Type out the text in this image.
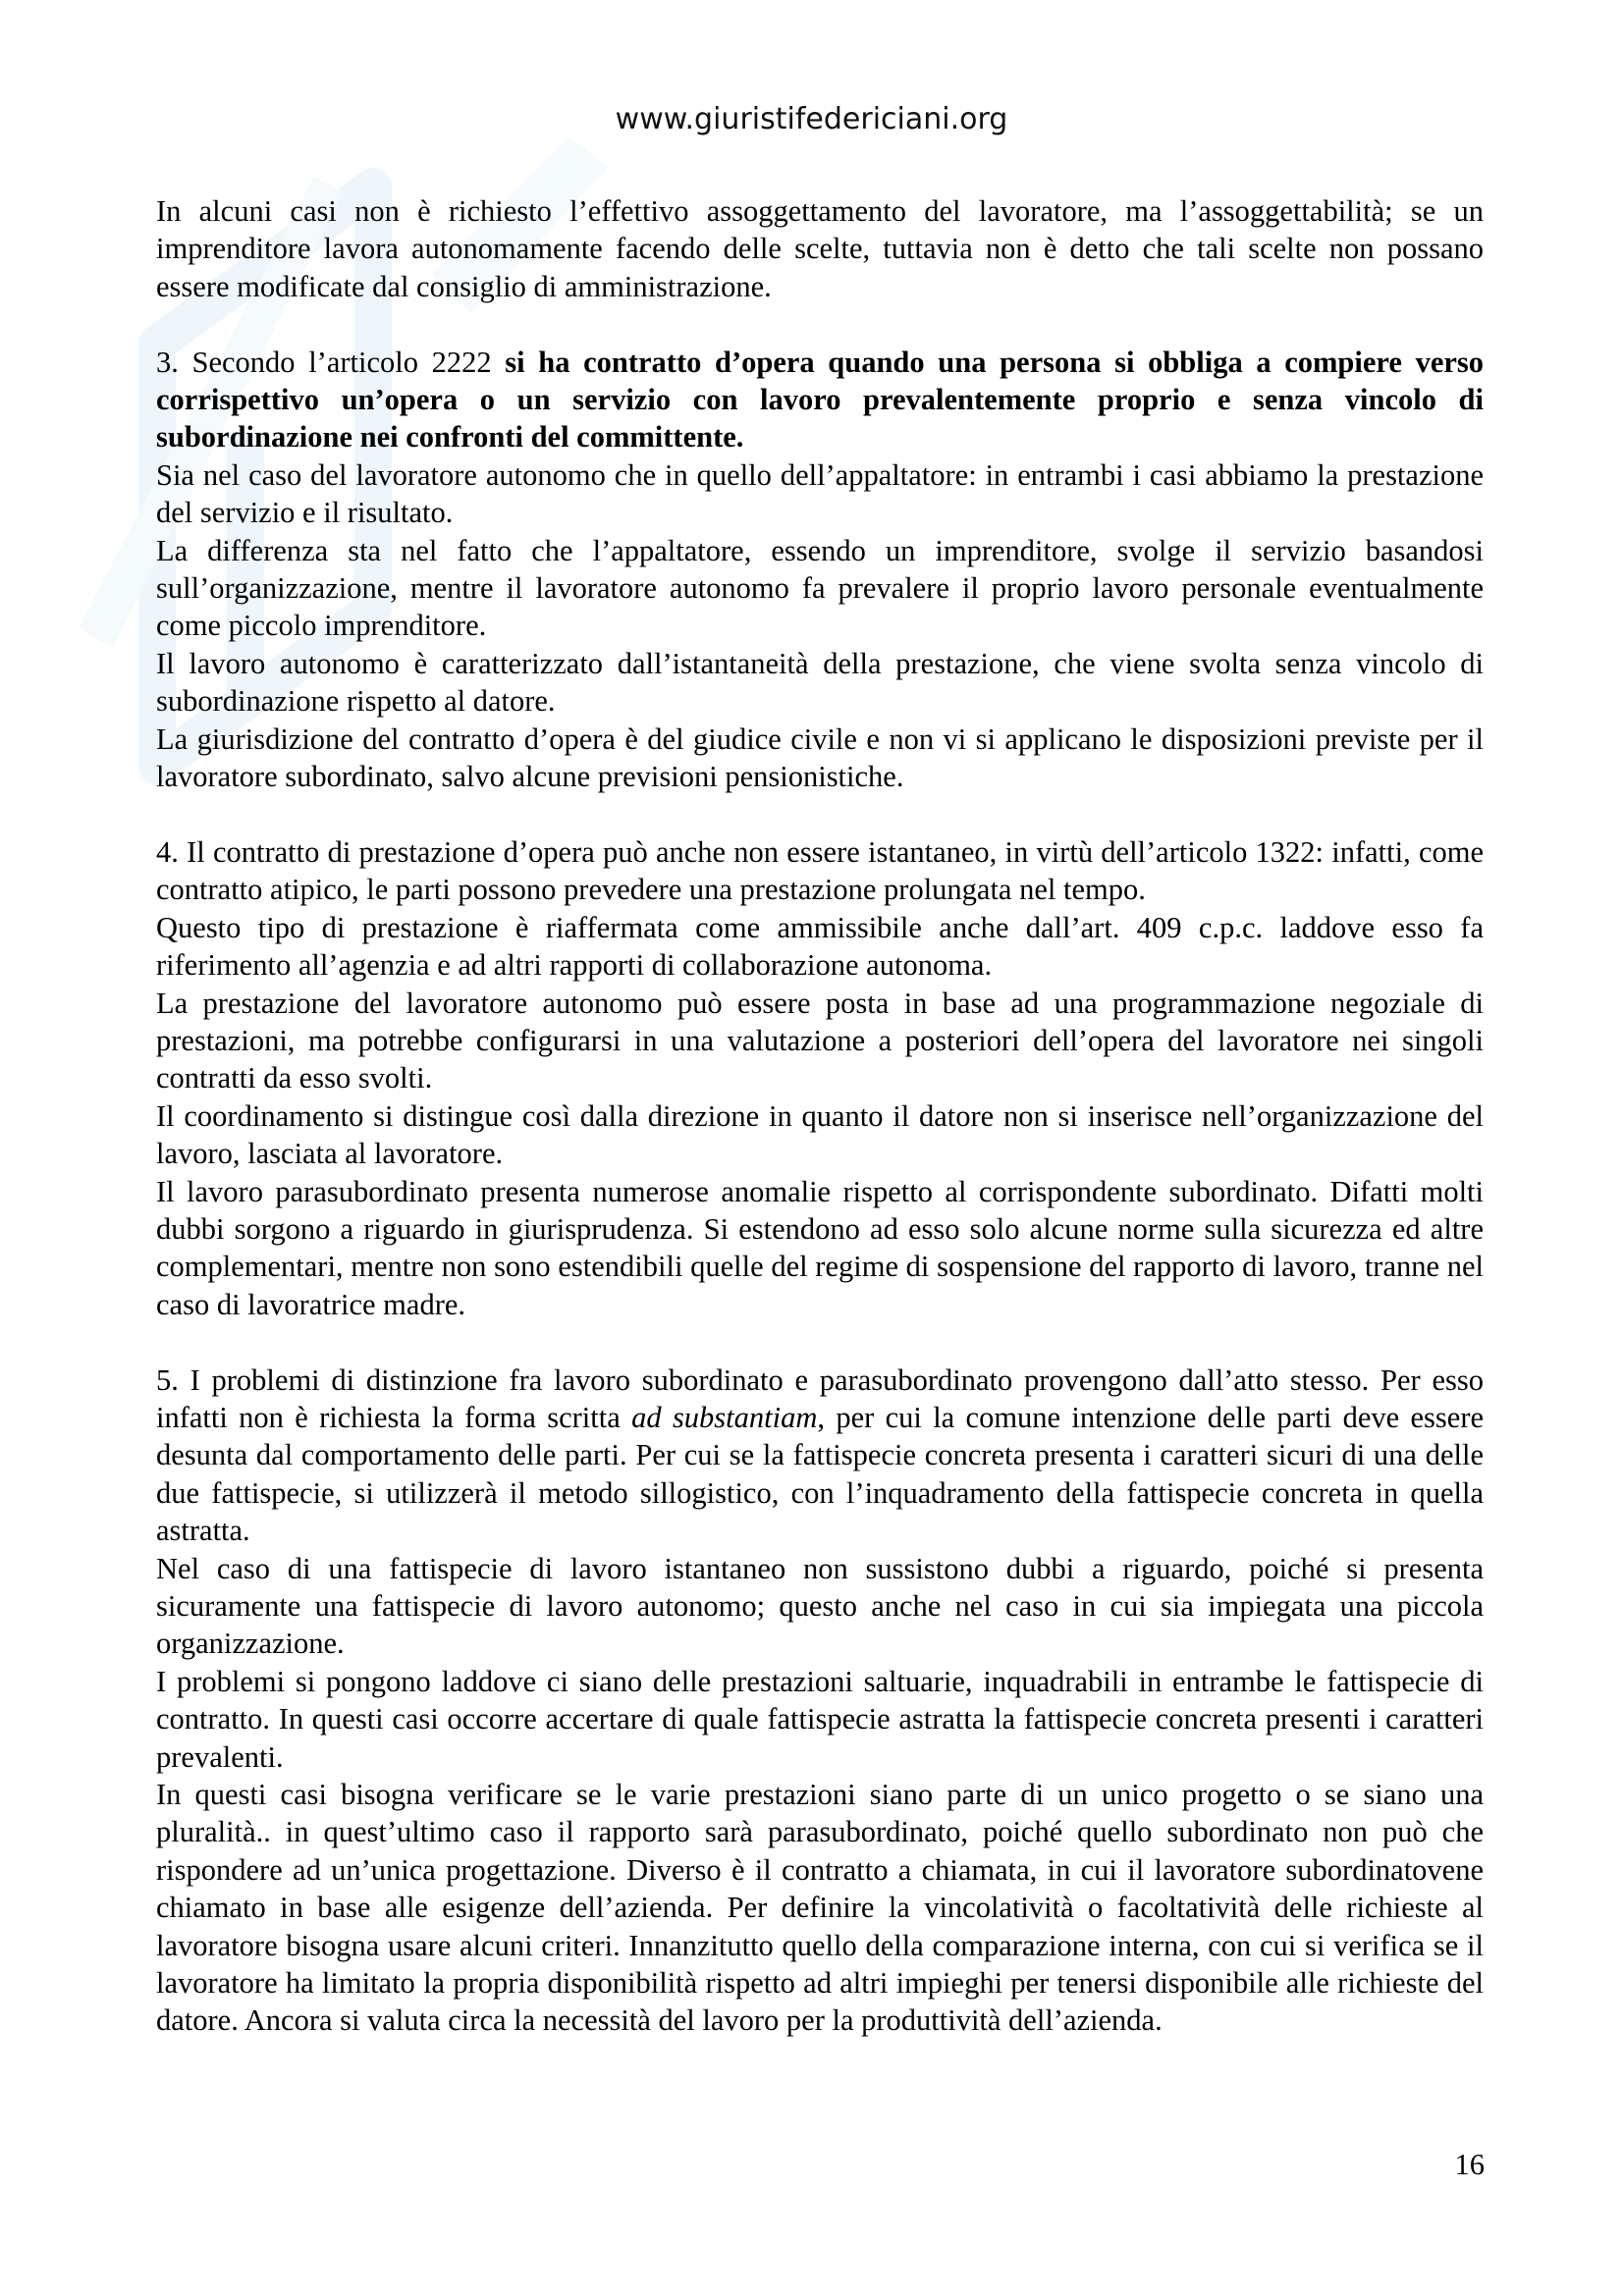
www.giuristifedericiani.org

In alcuni casi non è richiesto l’effettivo assoggettamento del lavoratore, ma l’assoggettabilità; se un imprenditore lavora autonomamente facendo delle scelte, tuttavia non è detto che tali scelte non possano essere modificate dal consiglio di amministrazione.

3. Secondo l’articolo 2222 si ha contratto d’opera quando una persona si obbliga a compiere verso corrispettivo un’opera o un servizio con lavoro prevalentemente proprio e senza vincolo di subordinazione nei confronti del committente.

Sia nel caso del lavoratore autonomo che in quello dell’appaltatore: in entrambi i casi abbiamo la prestazione del servizio e il risultato.

La differenza sta nel fatto che l’appaltatore, essendo un imprenditore, svolge il servizio basandosi sull’organizzazione, mentre il lavoratore autonomo fa prevalere il proprio lavoro personale eventualmente come piccolo imprenditore.

Il lavoro autonomo è caratterizzato dall’istantaneità della prestazione, che viene svolta senza vincolo di subordinazione rispetto al datore.

La giurisdizione del contratto d’opera è del giudice civile e non vi si applicano le disposizioni previste per il lavoratore subordinato, salvo alcune previsioni pensionistiche.

4. Il contratto di prestazione d’opera può anche non essere istantaneo, in virtù dell’articolo 1322: infatti, come contratto atipico, le parti possono prevedere una prestazione prolungata nel tempo.

Questo tipo di prestazione è riaffermata come ammissibile anche dall’art. 409 c.p.c. laddove esso fa riferimento all’agenzia e ad altri rapporti di collaborazione autonoma.

La prestazione del lavoratore autonomo può essere posta in base ad una programmazione negoziale di prestazioni, ma potrebbe configurarsi in una valutazione a posteriori dell’opera del lavoratore nei singoli contratti da esso svolti.

Il coordinamento si distingue così dalla direzione in quanto il datore non si inserisce nell’organizzazione del lavoro, lasciata al lavoratore.

Il lavoro parasubordinato presenta numerose anomalie rispetto al corrispondente subordinato. Difatti molti dubbi sorgono a riguardo in giurisprudenza. Si estendono ad esso solo alcune norme sulla sicurezza ed altre complementari, mentre non sono estendibili quelle del regime di sospensione del rapporto di lavoro, tranne nel caso di lavoratrice madre.

5. I problemi di distinzione fra lavoro subordinato e parasubordinato provengono dall’atto stesso. Per esso infatti non è richiesta la forma scritta ad substantiam, per cui la comune intenzione delle parti deve essere desunta dal comportamento delle parti. Per cui se la fattispecie concreta presenta i caratteri sicuri di una delle due fattispecie, si utilizzerà il metodo sillogistico, con l’inquadramento della fattispecie concreta in quella astratta.

Nel caso di una fattispecie di lavoro istantaneo non sussistono dubbi a riguardo, poiché si presenta sicuramente una fattispecie di lavoro autonomo; questo anche nel caso in cui sia impiegata una piccola organizzazione.

I problemi si pongono laddove ci siano delle prestazioni saltuarie, inquadrabili in entrambe le fattispecie di contratto. In questi casi occorre accertare di quale fattispecie astratta la fattispecie concreta presenti i caratteri prevalenti.

In questi casi bisogna verificare se le varie prestazioni siano parte di un unico progetto o se siano una pluralità.. in quest’ultimo caso il rapporto sarà parasubordinato, poiché quello subordinato non può che rispondere ad un’unica progettazione. Diverso è il contratto a chiamata, in cui il lavoratore subordinatovene chiamato in base alle esigenze dell’azienda. Per definire la vincolatività o facoltatività delle richieste al lavoratore bisogna usare alcuni criteri. Innanzitutto quello della comparazione interna, con cui si verifica se il lavoratore ha limitato la propria disponibilità rispetto ad altri impieghi per tenersi disponibile alle richieste del datore. Ancora si valuta circa la necessità del lavoro per la produttività dell’azienda.

16
